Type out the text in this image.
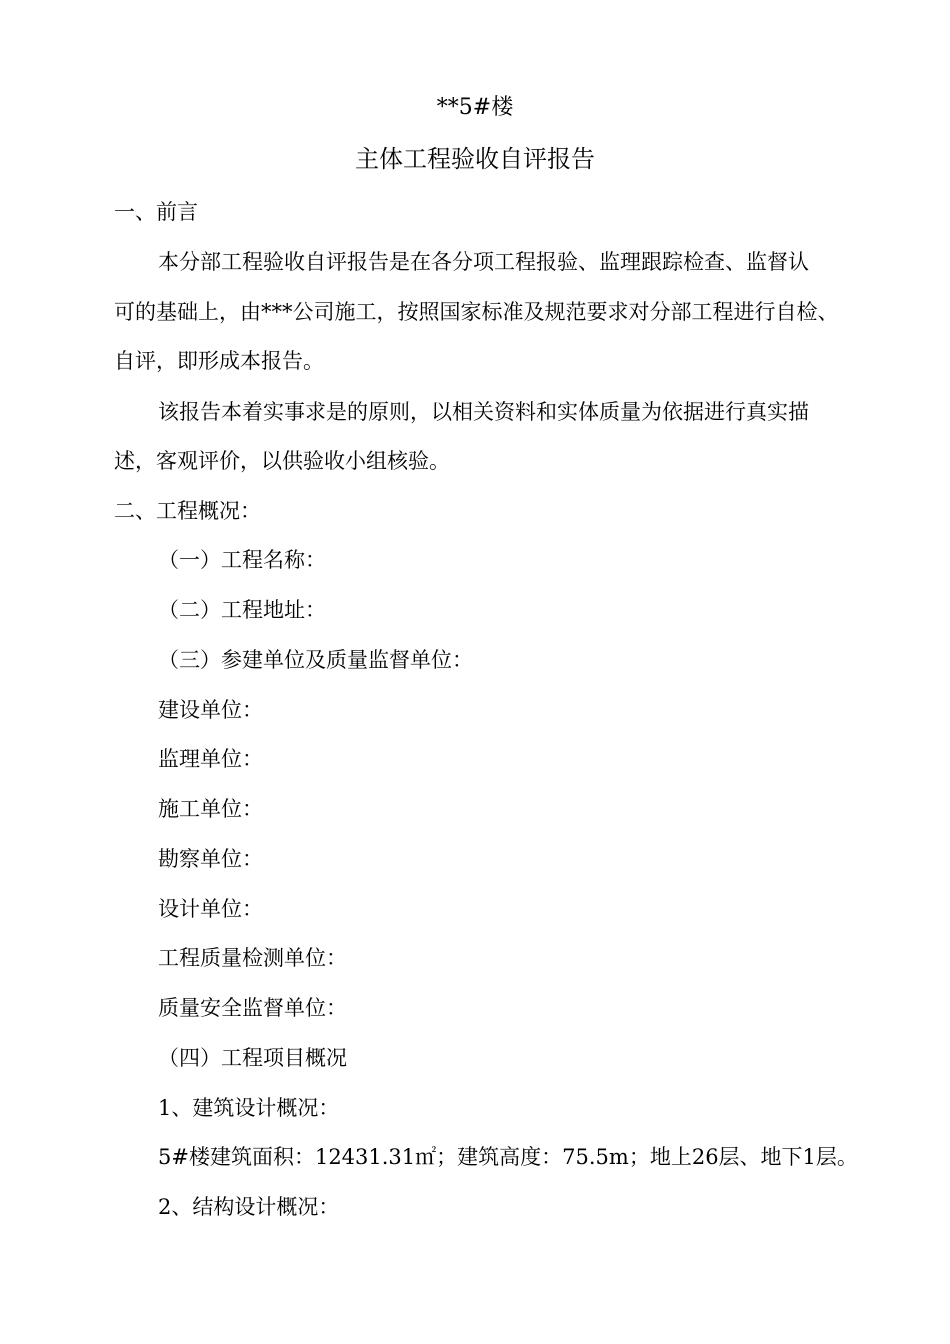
**5#楼
主体工程验收自评报告
一、前言
本分部工程验收自评报告是在各分项工程报验、监理跟踪检查、监督认
可的基础上，由***公司施工，按照国家标准及规范要求对分部工程进行自检、
自评，即形成本报告。
该报告本着实事求是的原则，以相关资料和实体质量为依据进行真实描
述，客观评价，以供验收小组核验。
二、工程概况：
（一）工程名称：
（二）工程地址：
（三）参建单位及质量监督单位：
建设单位：
监理单位：
施工单位：
勘察单位：
设计单位：
工程质量检测单位：
质量安全监督单位：
（四）工程项目概况
1、建筑设计概况：
5#楼建筑面积：12431.31㎡；建筑高度：75.5m；地上26层、地下1层。
2、结构设计概况：
